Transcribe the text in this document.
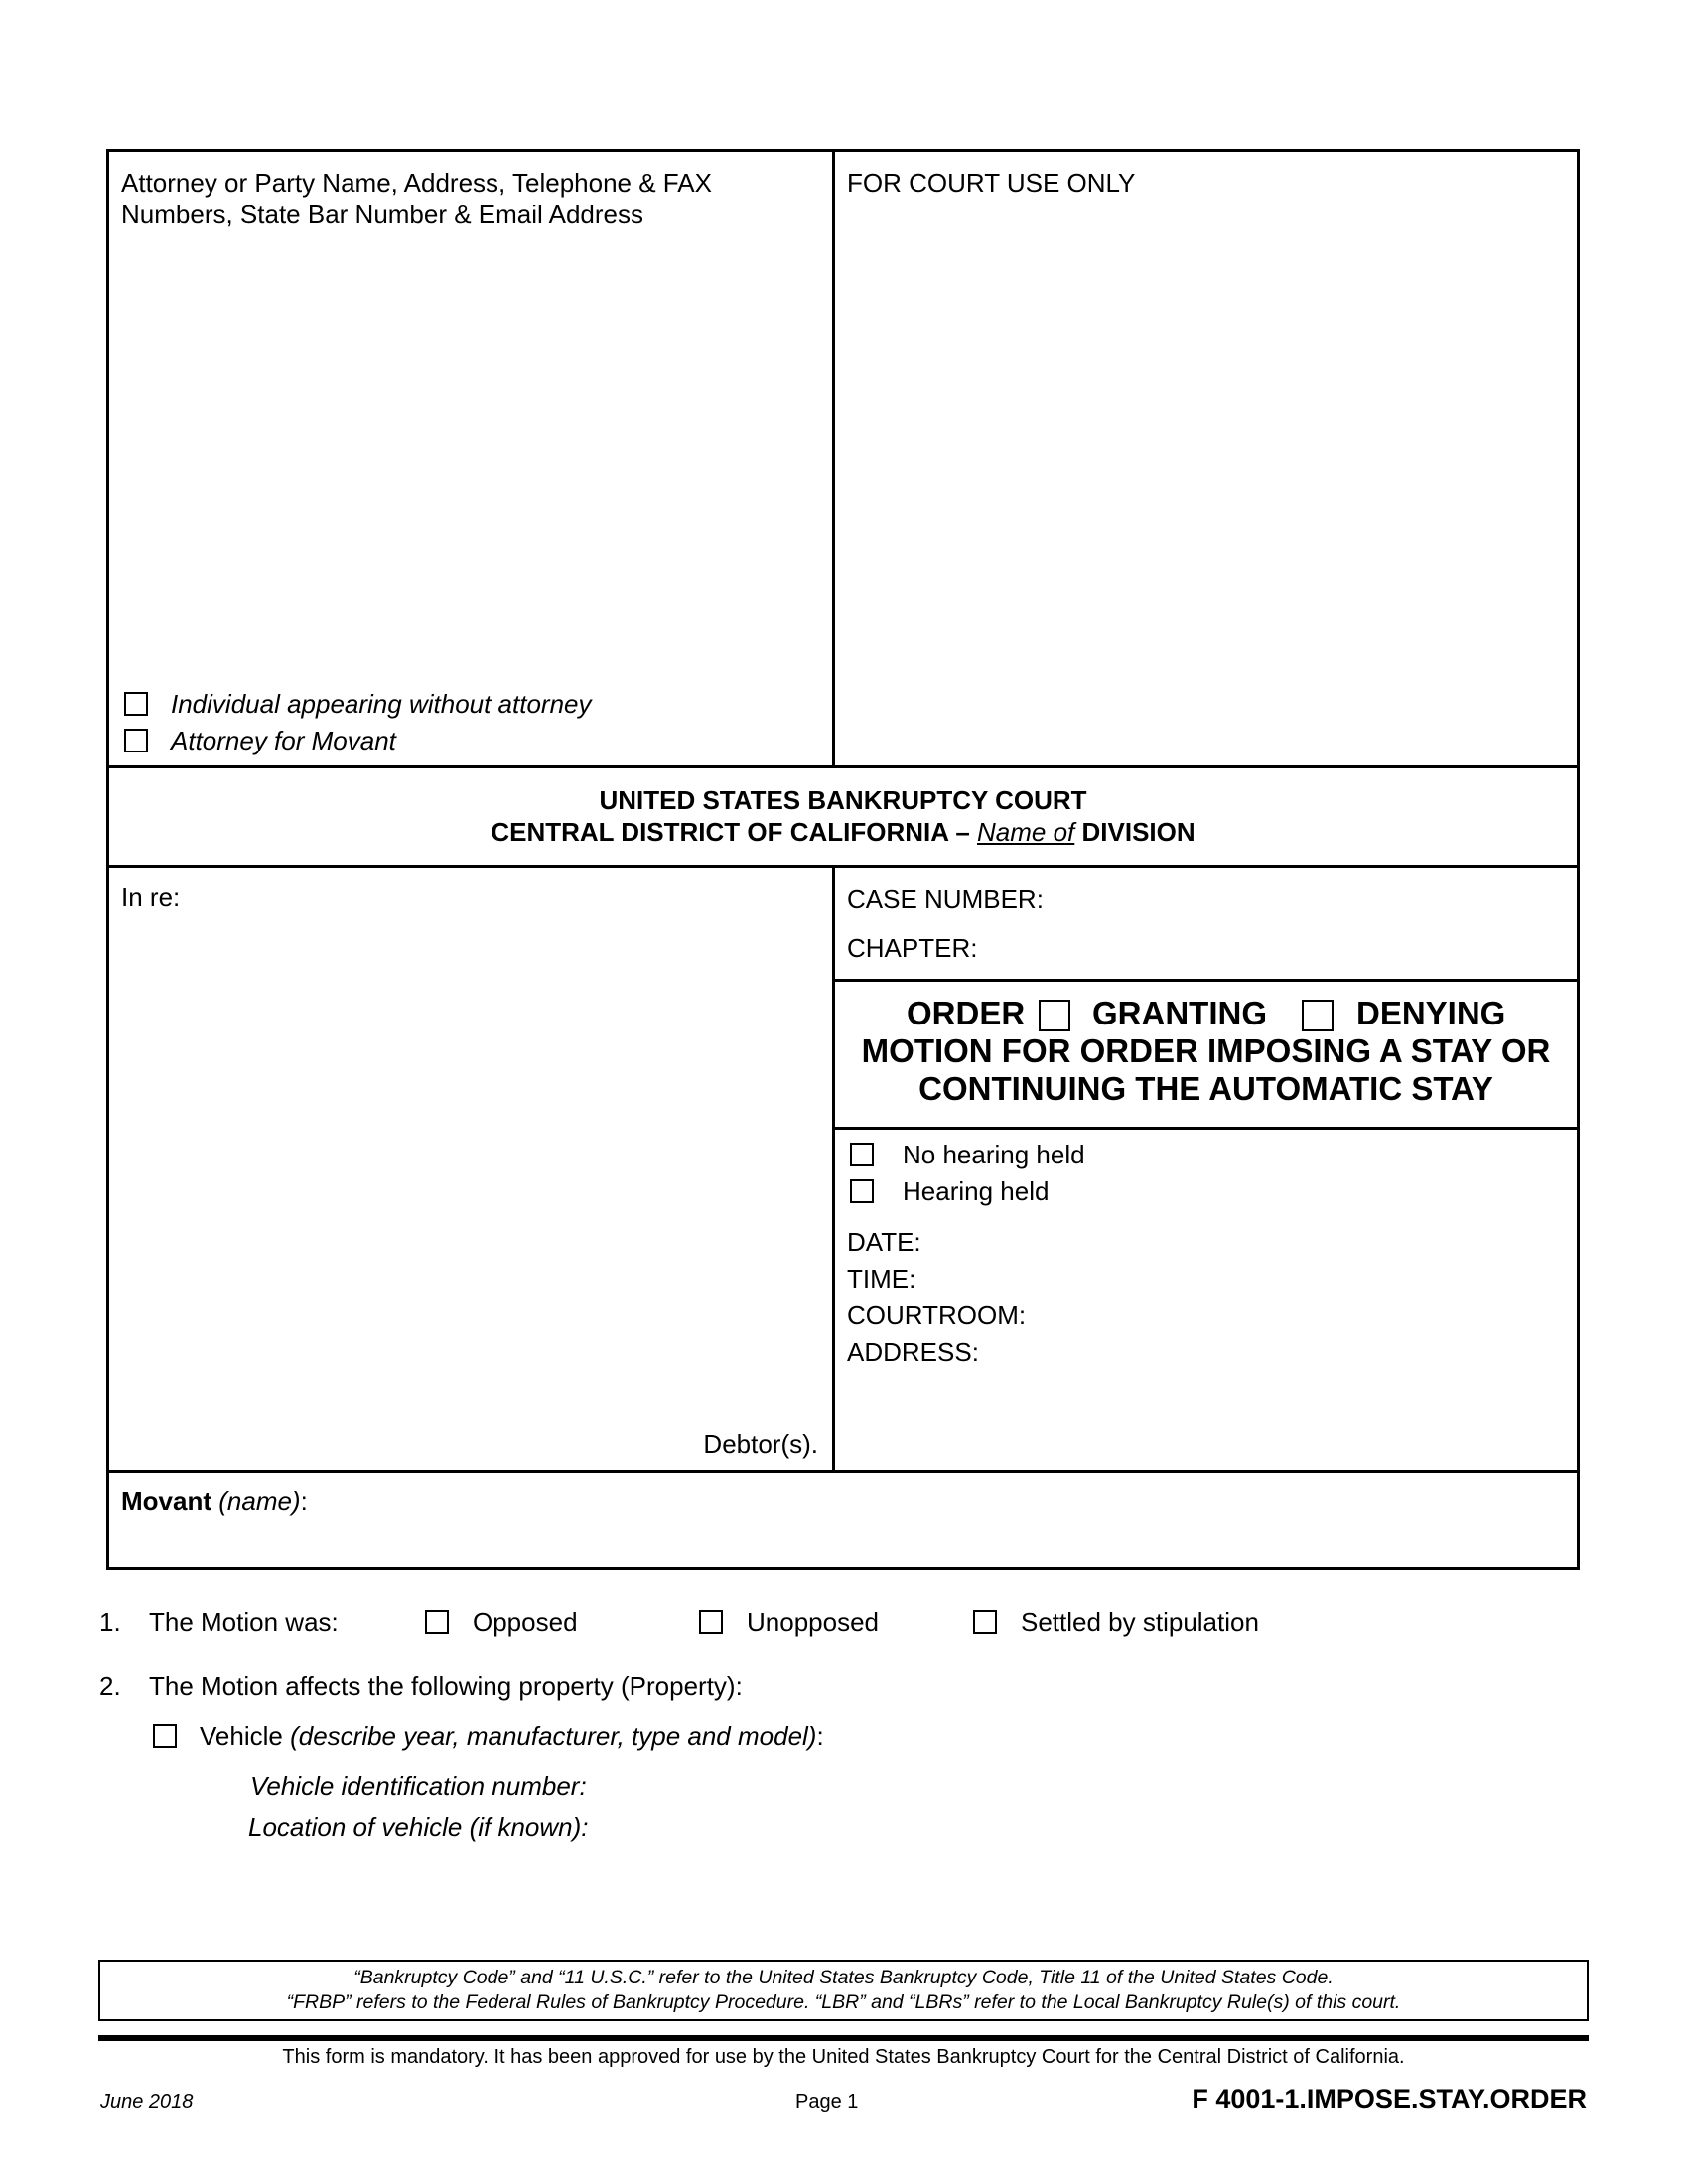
Attorney or Party Name, Address, Telephone & FAX
Numbers, State Bar Number & Email Address
Individual appearing without attorney
Attorney for Movant
FOR COURT USE ONLY
UNITED STATES BANKRUPTCY COURT
CENTRAL DISTRICT OF CALIFORNIA – Name of DIVISION
In re:
Debtor(s).
CASE NUMBER:
CHAPTER:
ORDER GRANTING	DENYING
MOTION FOR ORDER IMPOSING A STAY OR
CONTINUING THE AUTOMATIC STAY
No hearing held
Hearing held
DATE:
TIME:
COURTROOM:
ADDRESS:
Movant (name):
1. The Motion was:	Opposed	Unopposed	Settled by stipulation
2. The Motion affects the following property (Property):
Vehicle (describe year, manufacturer, type and model):
Vehicle identification number:
Location of vehicle (if known):
“Bankruptcy Code” and “11 U.S.C.” refer to the United States Bankruptcy Code, Title 11 of the United States Code.
“FRBP” refers to the Federal Rules of Bankruptcy Procedure. “LBR” and “LBRs” refer to the Local Bankruptcy Rule(s) of this court.
This form is mandatory. It has been approved for use by the United States Bankruptcy Court for the Central District of California.
June 2018	Page 1	F 4001-1.IMPOSE.STAY.ORDER
